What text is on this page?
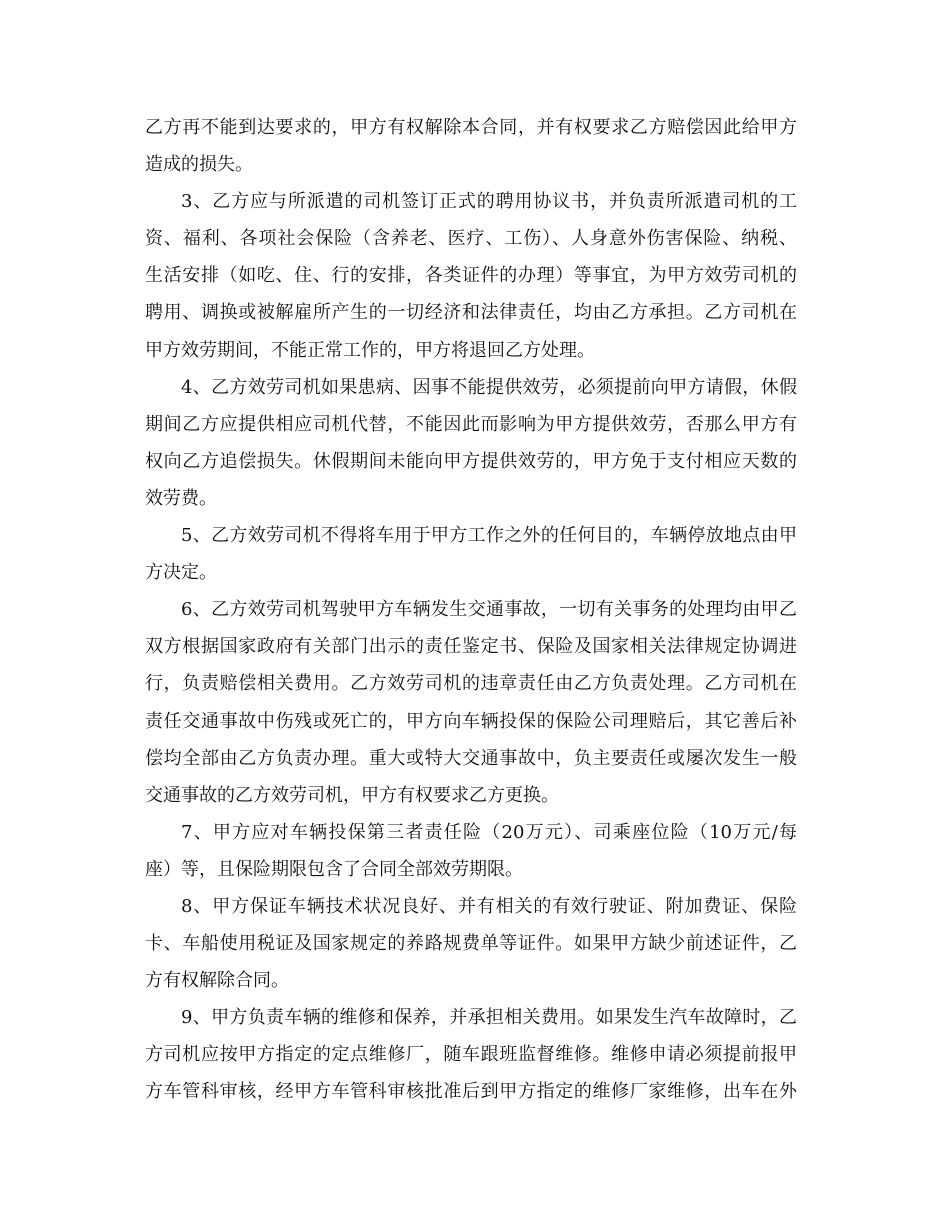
乙方再不能到达要求的，甲方有权解除本合同，并有权要求乙方赔偿因此给甲方
造成的损失。
3、乙方应与所派遣的司机签订正式的聘用协议书，并负责所派遣司机的工
资、福利、各项社会保险（含养老、医疗、工伤）、人身意外伤害保险、纳税、
生活安排（如吃、住、行的安排，各类证件的办理）等事宜，为甲方效劳司机的
聘用、调换或被解雇所产生的一切经济和法律责任，均由乙方承担。乙方司机在
甲方效劳期间，不能正常工作的，甲方将退回乙方处理。
4、乙方效劳司机如果患病、因事不能提供效劳，必须提前向甲方请假，休假
期间乙方应提供相应司机代替，不能因此而影响为甲方提供效劳，否那么甲方有
权向乙方追偿损失。休假期间未能向甲方提供效劳的，甲方免于支付相应天数的
效劳费。
5、乙方效劳司机不得将车用于甲方工作之外的任何目的，车辆停放地点由甲
方决定。
6、乙方效劳司机驾驶甲方车辆发生交通事故，一切有关事务的处理均由甲乙
双方根据国家政府有关部门出示的责任鉴定书、保险及国家相关法律规定协调进
行，负责赔偿相关费用。乙方效劳司机的违章责任由乙方负责处理。乙方司机在
责任交通事故中伤残或死亡的，甲方向车辆投保的保险公司理赔后，其它善后补
偿均全部由乙方负责办理。重大或特大交通事故中，负主要责任或屡次发生一般
交通事故的乙方效劳司机，甲方有权要求乙方更换。
7、甲方应对车辆投保第三者责任险（20万元）、司乘座位险（10万元/每
座）等，且保险期限包含了合同全部效劳期限。
8、甲方保证车辆技术状况良好、并有相关的有效行驶证、附加费证、保险
卡、车船使用税证及国家规定的养路规费单等证件。如果甲方缺少前述证件，乙
方有权解除合同。
9、甲方负责车辆的维修和保养，并承担相关费用。如果发生汽车故障时，乙
方司机应按甲方指定的定点维修厂，随车跟班监督维修。维修申请必须提前报甲
方车管科审核，经甲方车管科审核批准后到甲方指定的维修厂家维修，出车在外
